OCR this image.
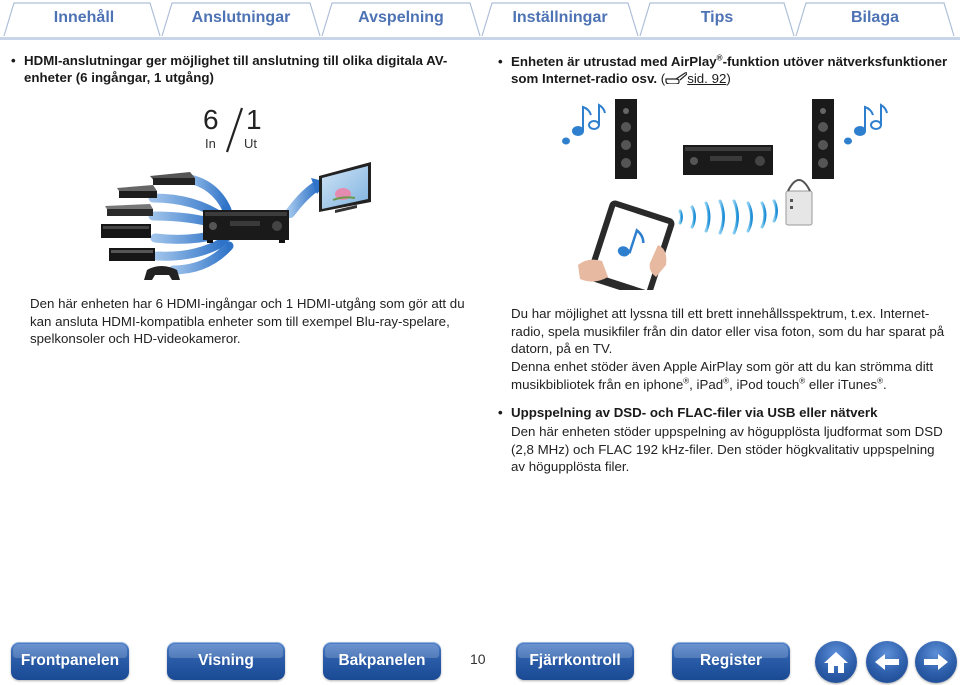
Innehåll	Anslutningar	Avspelning	Inställningar	Tips	Bilaga
• HDMI-anslutningar ger möjlighet till anslutning till olika digitala AV-enheter (6 ingångar, 1 utgång)
6
In
1
Ut
Den här enheten har 6 HDMI-ingångar och 1 HDMI-utgång som gör att du kan ansluta HDMI-kompatibla enheter som till exempel Blu-ray-spelare, spelkonsoler och HD-videokameror.
• Enheten är utrustad med AirPlay®-funktion utöver nätverksfunktioner som Internet-radio osv. ( sid. 92)
Du har möjlighet att lyssna till ett brett innehållsspektrum, t.ex. Internet-radio, spela musikfiler från din dator eller visa foton, som du har sparat på datorn, på en TV.
Denna enhet stöder även Apple AirPlay som gör att du kan strömma ditt musikbibliotek från en iphone®, iPad®, iPod touch® eller iTunes®.
• Uppspelning av DSD- och FLAC-filer via USB eller nätverk
Den här enheten stöder uppspelning av högupplösta ljudformat som DSD (2,8 MHz) och FLAC 192 kHz-filer. Den stöder högkvalitativ uppspelning av högupplösta filer.
Frontpanelen	Visning	Bakpanelen	10	Fjärrkontroll	Register
